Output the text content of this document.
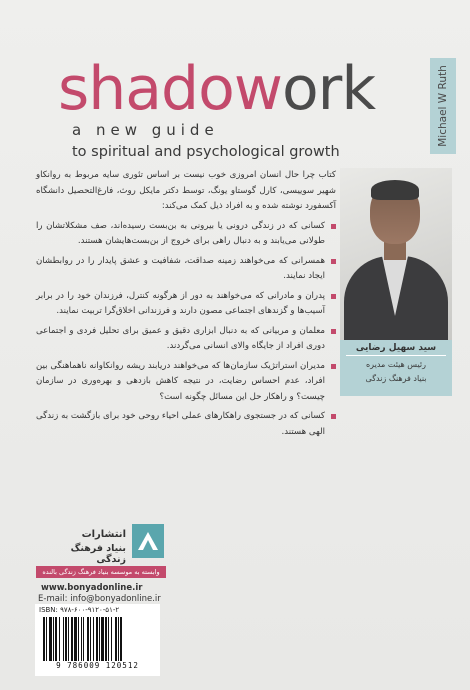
shadowork
a new guide
to spiritual and psychological growth
Michael W Ruth

کتاب چرا حال انسان امروزی خوب نیست بر اساس تئوری سایه مربوط به روانکاو شهیر سوییسی، کارل گوستاو یونگ، توسط دکتر مایکل روث، فارغ‌التحصیل دانشگاه آکسفورد نوشته شده و به افراد ذیل کمک می‌کند:

کسانی که در زندگی درونی یا بیرونی به بن‌بست رسیده‌اند، صف مشکلاتشان را طولانی می‌یابند و به دنبال راهی برای خروج از بن‌بست‌هایشان هستند.

همسرانی که می‌خواهند زمینه صداقت، شفافیت و عشق پایدار را در روابطشان ایجاد نمایند.

پدران و مادرانی که می‌خواهند به دور از هرگونه کنترل، فرزندان خود را در برابر آسیب‌ها و گزندهای اجتماعی مصون دارند و فرزندانی اخلاق‌گرا تربیت نمایند.

معلمان و مربیانی که به دنبال ابزاری دقیق و عمیق برای تحلیل فردی و اجتماعی دوری افراد از جایگاه والای انسانی می‌گردند.

مدیران استراتژیک سازمان‌ها که می‌خواهند دریابند ریشه روانکاوانه ناهماهنگی بین افراد، عدم احساس رضایت، در نتیجه کاهش بازدهی و بهره‌وری در سازمان چیست؟ و راهکار حل این مسائل چگونه است؟

کسانی که در جستجوی راهکارهای عملی احیاء روحی خود برای بازگشت به زندگی الهی هستند.

سید سهیل رضایی
رئیس هیئت مدیره
بنیاد فرهنگ زندگی
انتشارات
بنیاد فرهنگ زندگی
وابسته به موسسه بنیاد فرهنگ زندگی بالنده
www.bonyadonline.ir
E-mail: info@bonyadonline.ir
ISBN: ۹۷۸-۶۰۰-۹۱۲۰-۵۱-۲
9 786009 120512
